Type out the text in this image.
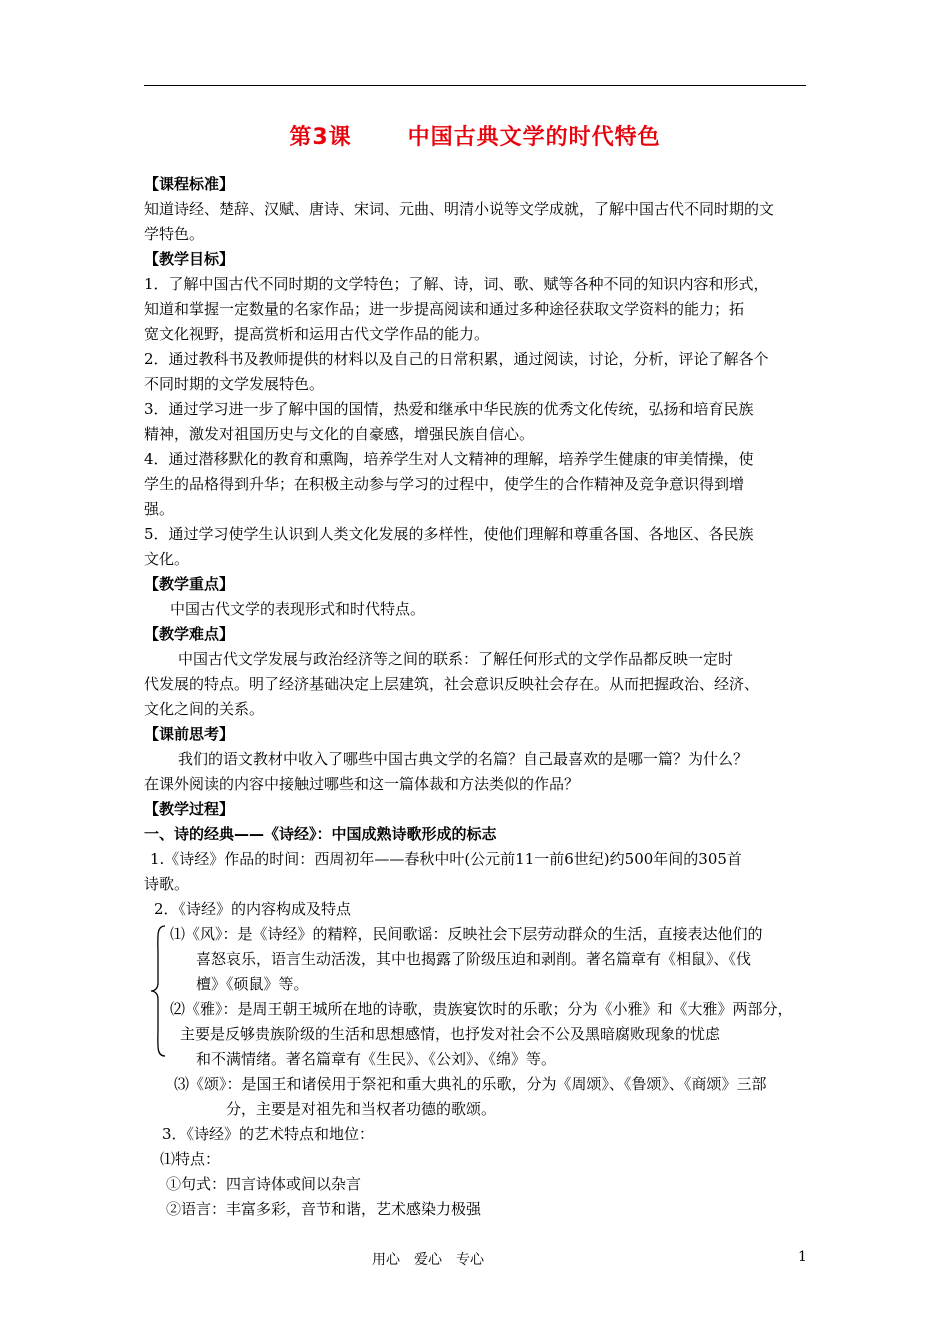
第3课	中国古典文学的时代特色
【课程标准】
知道诗经、楚辞、汉赋、唐诗、宋词、元曲、明清小说等文学成就，了解中国古代不同时期的文
学特色。
【教学目标】
1．了解中国古代不同时期的文学特色；了解、诗，词、歌、赋等各种不同的知识内容和形式，
知道和掌握一定数量的名家作品；进一步提高阅读和通过多种途径获取文学资料的能力；拓
宽文化视野，提高赏析和运用古代文学作品的能力。
2．通过教科书及教师提供的材料以及自己的日常积累，通过阅读，讨论，分析，评论了解各个
不同时期的文学发展特色。
3．通过学习进一步了解中国的国情，热爱和继承中华民族的优秀文化传统，弘扬和培育民族
精神，激发对祖国历史与文化的自豪感，增强民族自信心。
4．通过潜移默化的教育和熏陶，培养学生对人文精神的理解，培养学生健康的审美情操，使
学生的品格得到升华；在积极主动参与学习的过程中，使学生的合作精神及竞争意识得到增
强。
5．通过学习使学生认识到人类文化发展的多样性，使他们理解和尊重各国、各地区、各民族
文化。
【教学重点】
中国古代文学的表现形式和时代特点。
【教学难点】
中国古代文学发展与政治经济等之间的联系：了解任何形式的文学作品都反映一定时
代发展的特点。明了经济基础决定上层建筑，社会意识反映社会存在。从而把握政治、经济、
文化之间的关系。
【课前思考】
我们的语文教材中收入了哪些中国古典文学的名篇？自己最喜欢的是哪一篇？为什么？
在课外阅读的内容中接触过哪些和这一篇体裁和方法类似的作品？
【教学过程】
一、诗的经典——《诗经》：中国成熟诗歌形成的标志
1.《诗经》作品的时间：西周初年——春秋中叶(公元前11一前6世纪)约500年间的305首
诗歌。
2．《诗经》的内容构成及特点
⑴《风》：是《诗经》的精粹，民间歌谣：反映社会下层劳动群众的生活，直接表达他们的
喜怒哀乐，语言生动活泼，其中也揭露了阶级压迫和剥削。著名篇章有《相鼠》、《伐
檀》《硕鼠》等。
⑵《雅》：是周王朝王城所在地的诗歌，贵族宴饮时的乐歌；分为《小雅》和《大雅》两部分，
主要是反够贵族阶级的生活和思想感情，也抒发对社会不公及黑暗腐败现象的忧虑
和不满情绪。著名篇章有《生民》、《公刘》、《绵》等。
⑶《颂》：是国王和诸侯用于祭祀和重大典礼的乐歌，分为《周颂》、《鲁颂》、《商颂》三部
分，主要是对祖先和当权者功德的歌颂。
3．《诗经》的艺术特点和地位：
⑴特点：
①句式：四言诗体或间以杂言
②语言：丰富多彩，音节和谐，艺术感染力极强
用心　爱心　专心	1
